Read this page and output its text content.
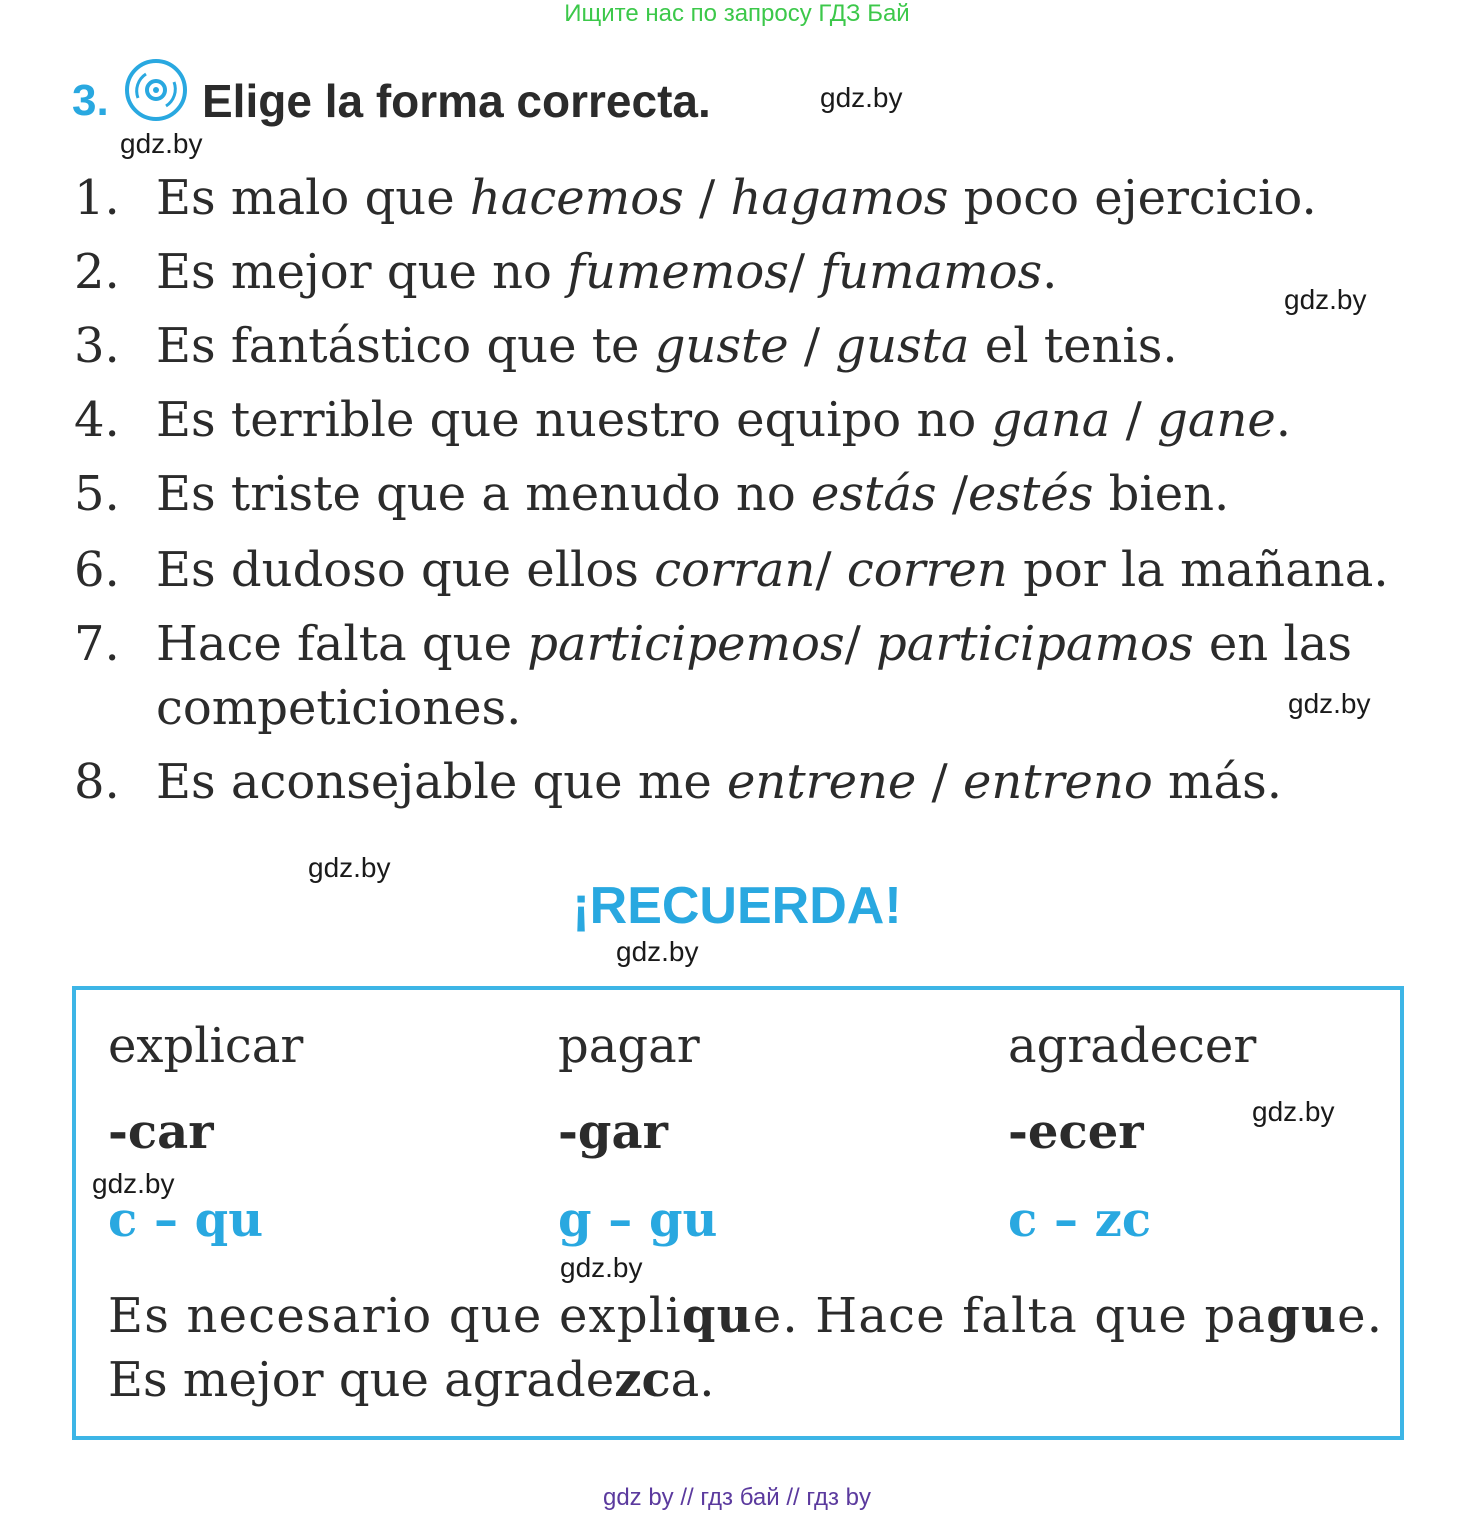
Ищите нас по запросу ГДЗ Бай
3. Elige la forma correcta.	gdz.by
gdz.by
gdz.by
gdz.by
gdz.by
gdz.by
gdz.by
gdz.by
gdz.by
1. Es malo que hacemos / hagamos poco ejercicio.
2. Es mejor que no fumemos/ fumamos.
3. Es fantástico que te guste / gusta el tenis.
4. Es terrible que nuestro equipo no gana / gane.
5. Es triste que a menudo no estás /estés bien.
6. Es dudoso que ellos corran/ corren por la mañana.
7. Hace falta que participemos/ participamos en las
competiciones.
8. Es aconsejable que me entrene / entreno más.
¡RECUERDA!
explicar	pagar	agradecer
-car	-gar	-ecer
c – qu	g – gu	c – zc
Es necesario que explique. Hace falta que pague.
Es mejor que agradezca.
gdz by // гдз бай // гдз by
